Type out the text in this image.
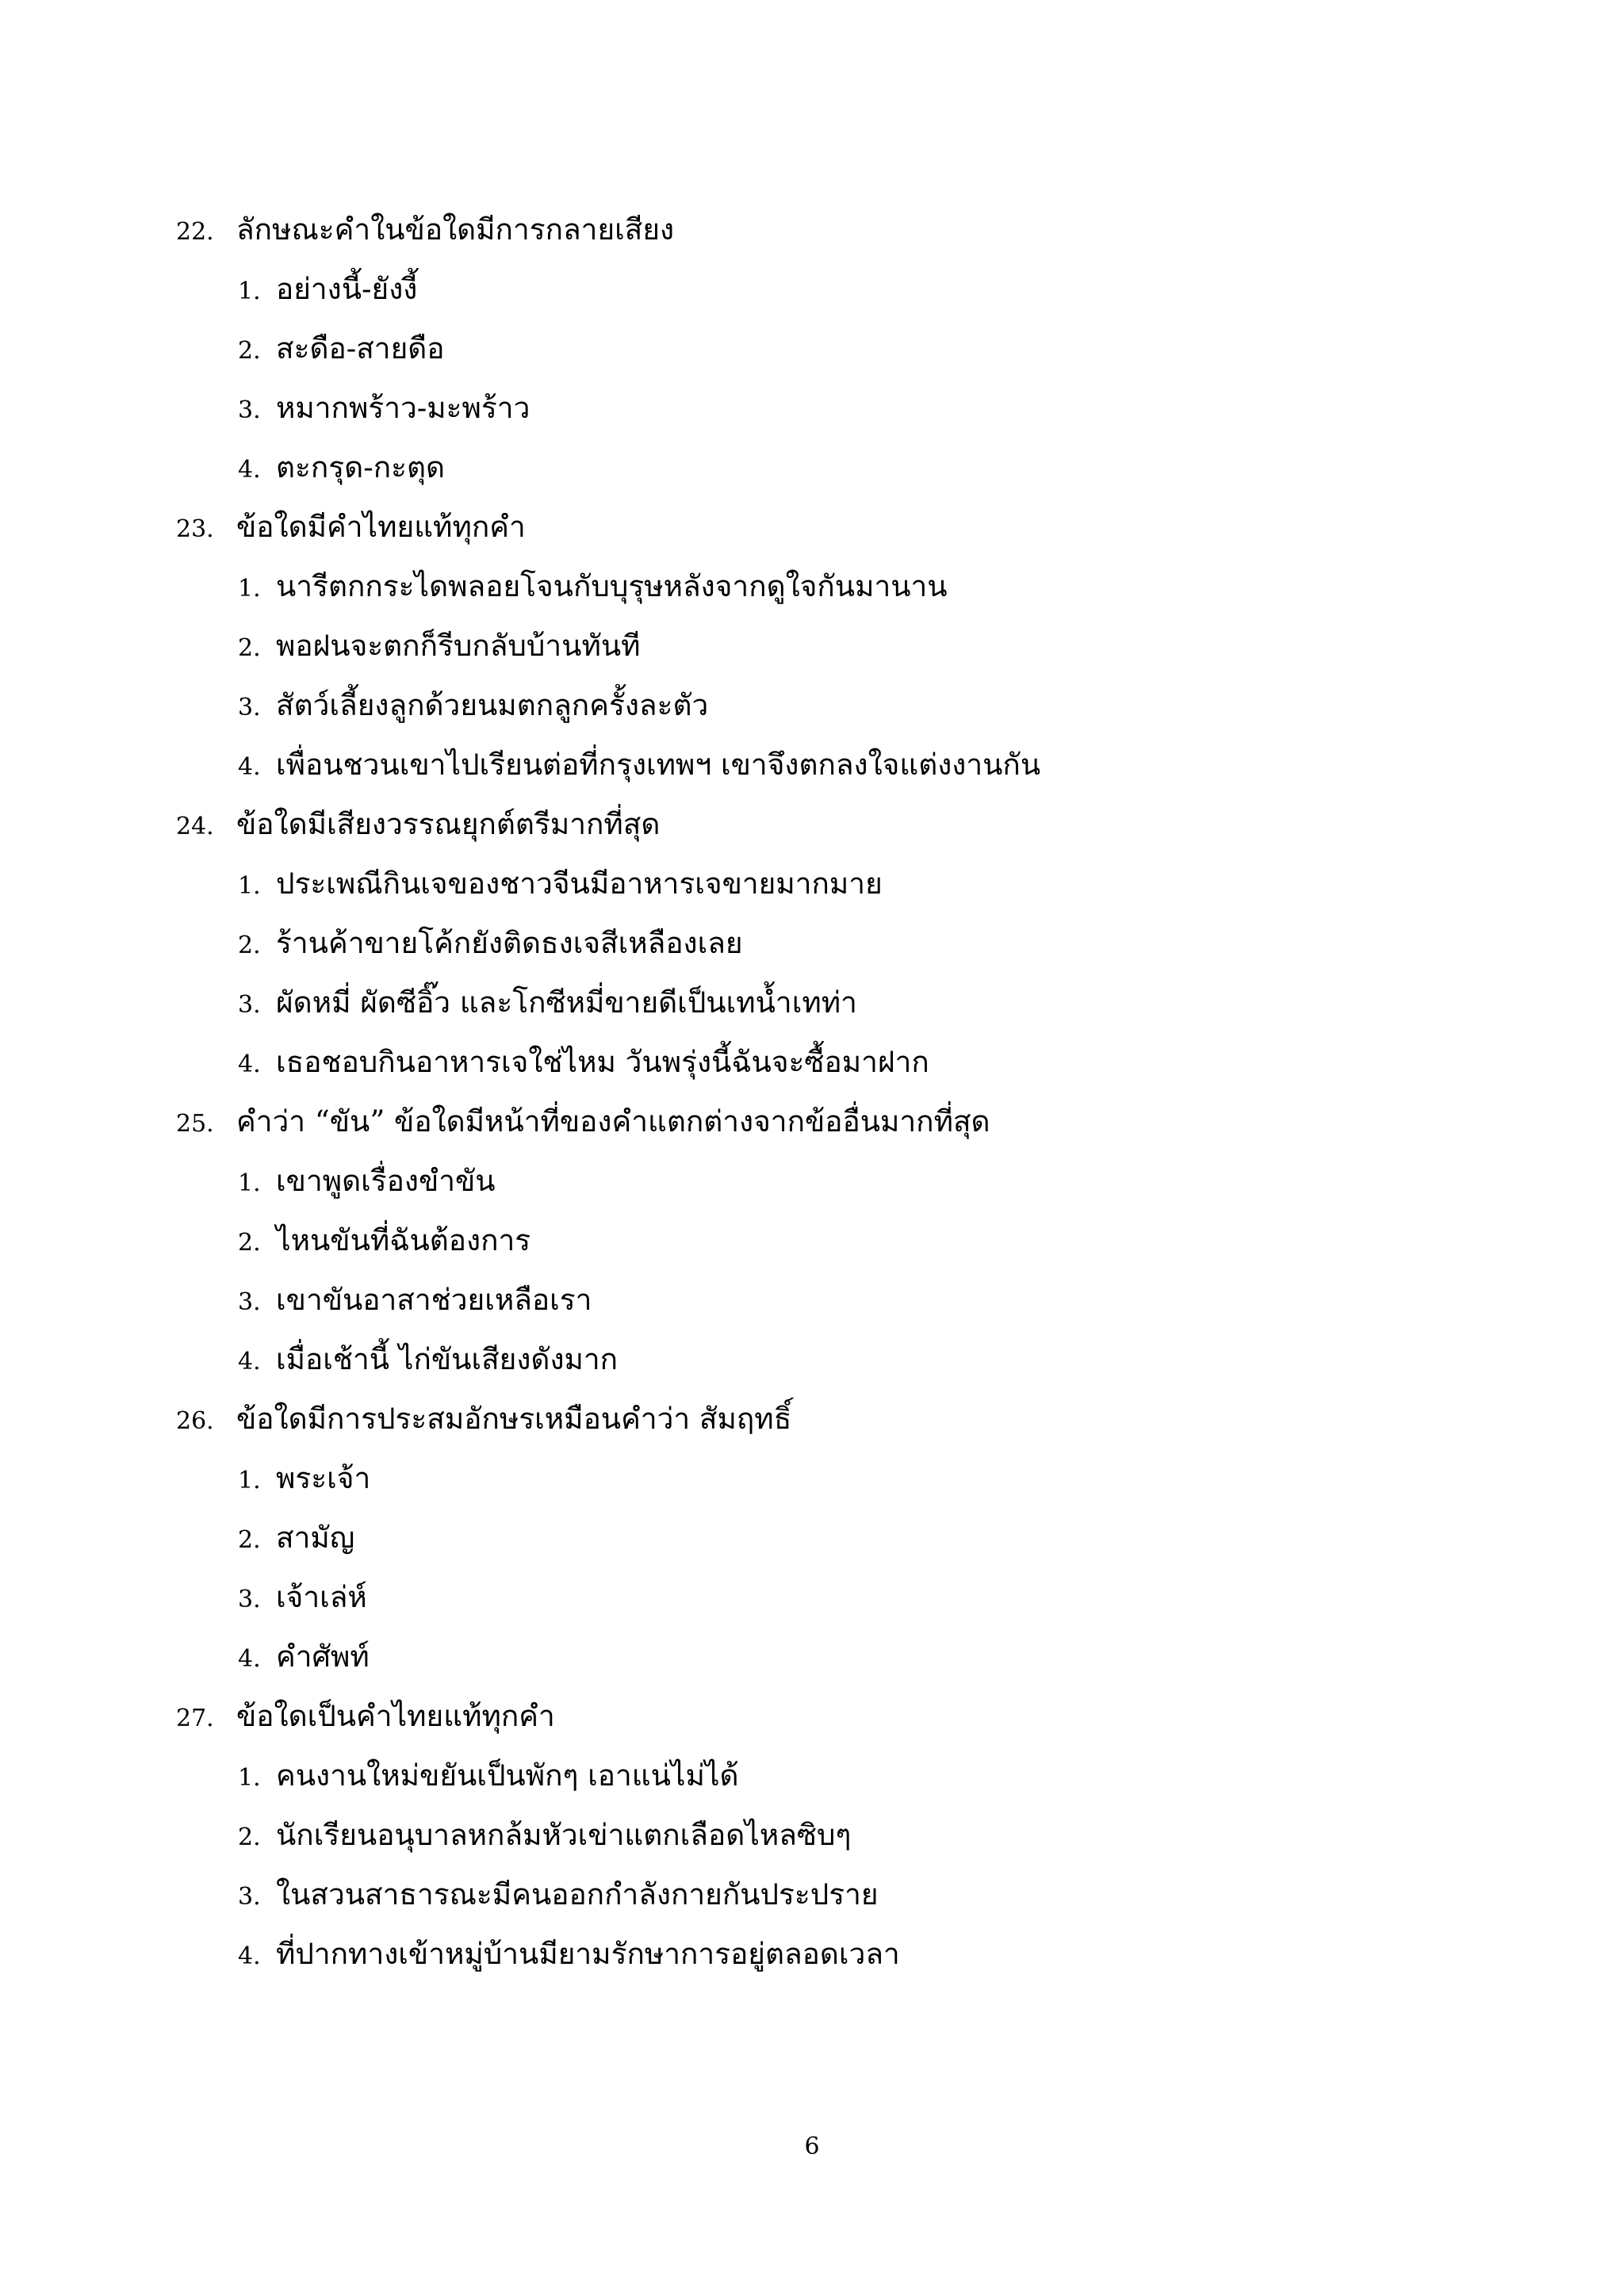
22. ลักษณะคำในข้อใดมีการกลายเสียง
1. อย่างนี้-ยังงี้
2. สะดือ-สายดือ
3. หมากพร้าว-มะพร้าว
4. ตะกรุด-กะตุด
23. ข้อใดมีคำไทยแท้ทุกคำ
1. นารีตกกระไดพลอยโจนกับบุรุษหลังจากดูใจกันมานาน
2. พอฝนจะตกก็รีบกลับบ้านทันที
3. สัตว์เลี้ยงลูกด้วยนมตกลูกครั้งละตัว
4. เพื่อนชวนเขาไปเรียนต่อที่กรุงเทพฯ เขาจึงตกลงใจแต่งงานกัน
24. ข้อใดมีเสียงวรรณยุกต์ตรีมากที่สุด
1. ประเพณีกินเจของชาวจีนมีอาหารเจขายมากมาย
2. ร้านค้าขายโค้กยังติดธงเจสีเหลืองเลย
3. ผัดหมี่ ผัดซีอิ๊ว และโกซีหมี่ขายดีเป็นเทน้ำเทท่า
4. เธอชอบกินอาหารเจใช่ไหม วันพรุ่งนี้ฉันจะซื้อมาฝาก
25. คำว่า “ขัน” ข้อใดมีหน้าที่ของคำแตกต่างจากข้ออื่นมากที่สุด
1. เขาพูดเรื่องขำขัน
2. ไหนขันที่ฉันต้องการ
3. เขาขันอาสาช่วยเหลือเรา
4. เมื่อเช้านี้ ไก่ขันเสียงดังมาก
26. ข้อใดมีการประสมอักษรเหมือนคำว่า สัมฤทธิ์
1. พระเจ้า
2. สามัญ
3. เจ้าเล่ห์
4. คำศัพท์
27. ข้อใดเป็นคำไทยแท้ทุกคำ
1. คนงานใหม่ขยันเป็นพักๆ เอาแน่ไม่ได้
2. นักเรียนอนุบาลหกล้มหัวเข่าแตกเลือดไหลซิบๆ
3. ในสวนสาธารณะมีคนออกกำลังกายกันประปราย
4. ที่ปากทางเข้าหมู่บ้านมียามรักษาการอยู่ตลอดเวลา
6
